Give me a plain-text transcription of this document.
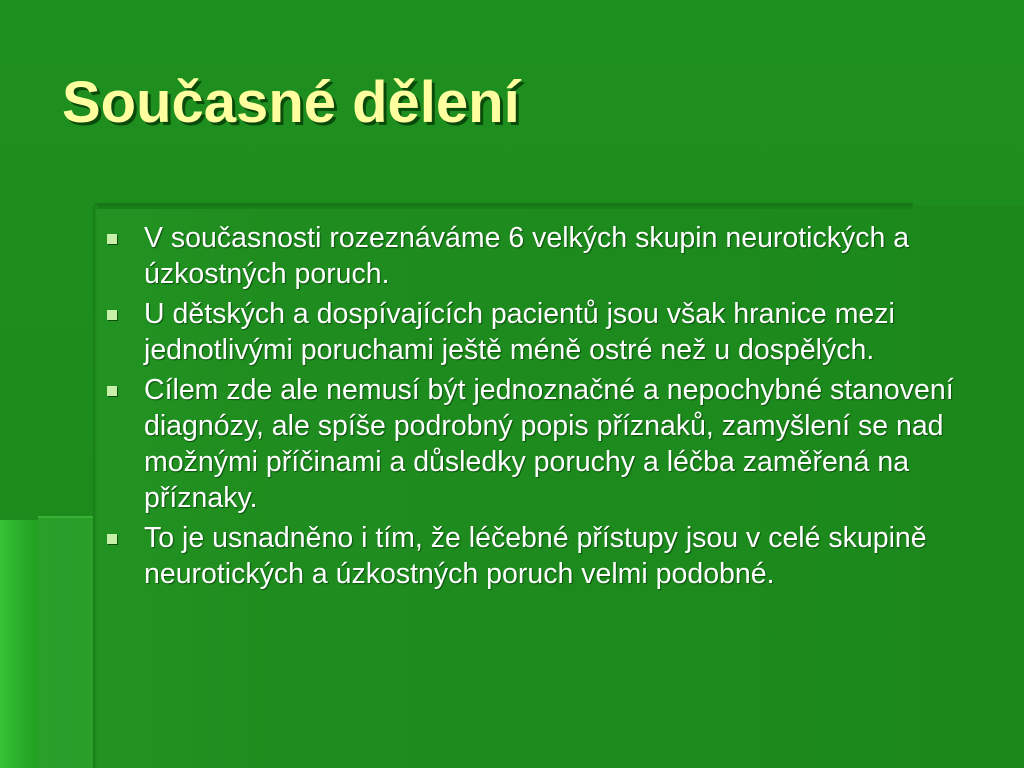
Současné dělení
V současnosti rozeznáváme 6 velkých skupin neurotických a úzkostných poruch.
U dětských a dospívajících pacientů jsou však hranice mezi jednotlivými poruchami ještě méně ostré než u dospělých.
Cílem zde ale nemusí být jednoznačné a nepochybné stanovení diagnózy, ale spíše podrobný popis příznaků, zamyšlení se nad možnými příčinami a důsledky poruchy a léčba zaměřená na příznaky.
To je usnadněno i tím, že léčebné přístupy jsou v celé skupině neurotických a úzkostných poruch velmi podobné.
